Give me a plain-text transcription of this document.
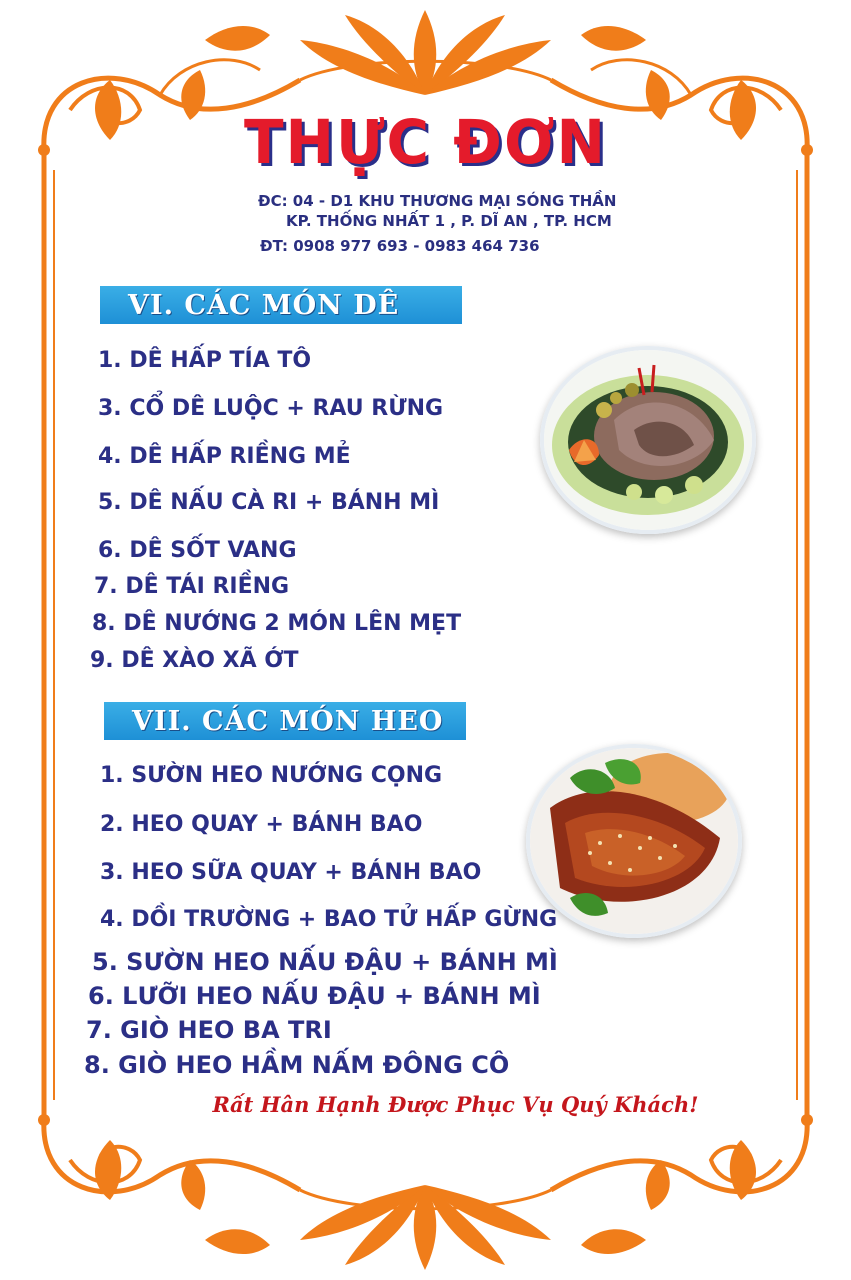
THỰC ĐƠN
ĐC: 04 - D1 KHU THƯƠNG MẠI SÓNG THẦN
KP. THỐNG NHẤT 1 , P. DĨ AN , TP. HCM
ĐT: 0908 977 693 - 0983 464 736
VI. CÁC MÓN DÊ
1. DÊ HẤP TÍA TÔ
3. CỔ DÊ LUỘC + RAU RỪNG
4. DÊ HẤP RIỀNG MẺ
5. DÊ NẤU CÀ RI + BÁNH MÌ
6. DÊ SỐT VANG
7. DÊ TÁI RIỀNG
8. DÊ NƯỚNG 2 MÓN LÊN MẸT
9. DÊ XÀO XÃ ỚT
VII. CÁC MÓN HEO
1. SƯỜN HEO NƯỚNG CỌNG
2. HEO QUAY + BÁNH BAO
3. HEO SỮA QUAY + BÁNH BAO
4. DỒI TRƯỜNG + BAO TỬ HẤP GỪNG
5. SƯỜN HEO NẤU ĐẬU + BÁNH MÌ
6. LƯỠI HEO NẤU ĐẬU + BÁNH MÌ
7. GIÒ HEO BA TRI
8. GIÒ HEO HẦM NẤM ĐÔNG CÔ
Rất Hân Hạnh Được Phục Vụ Quý Khách!
